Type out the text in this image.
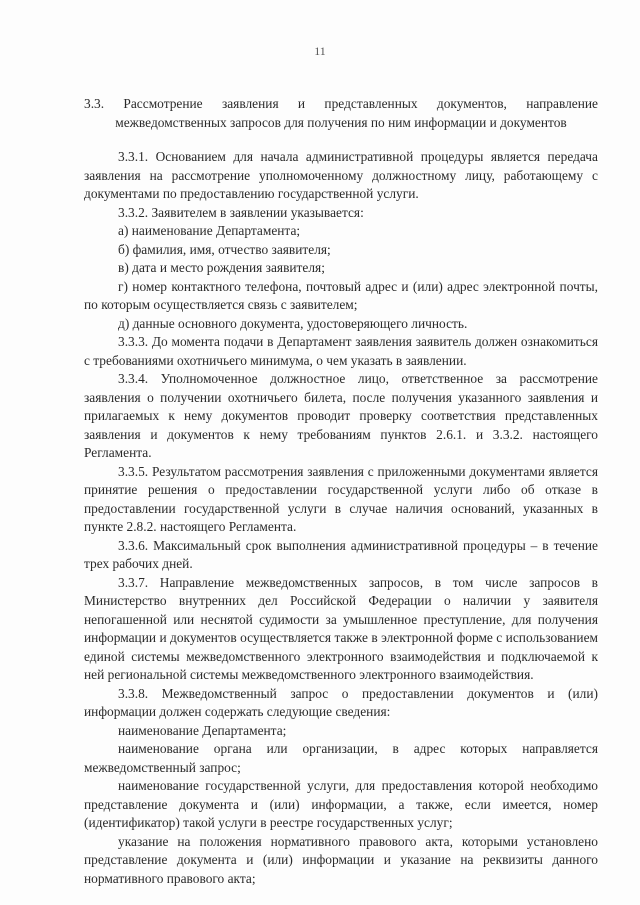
11
3.3. Рассмотрение заявления и представленных документов, направление межведомственных запросов для получения по ним информации и документов

3.3.1. Основанием для начала административной процедуры является передача заявления на рассмотрение уполномоченному должностному лицу, работающему с документами по предоставлению государственной услуги.

3.3.2. Заявителем в заявлении указывается:

а) наименование Департамента;

б) фамилия, имя, отчество заявителя;

в) дата и место рождения заявителя;

г) номер контактного телефона, почтовый адрес и (или) адрес электронной почты, по которым осуществляется связь с заявителем;

д) данные основного документа, удостоверяющего личность.

3.3.3. До момента подачи в Департамент заявления заявитель должен ознакомиться с требованиями охотничьего минимума, о чем указать в заявлении.

3.3.4. Уполномоченное должностное лицо, ответственное за рассмотрение заявления о получении охотничьего билета, после получения указанного заявления и прилагаемых к нему документов проводит проверку соответствия представленных заявления и документов к нему требованиям пунктов 2.6.1. и 3.3.2. настоящего Регламента.

3.3.5. Результатом рассмотрения заявления с приложенными документами является принятие решения о предоставлении государственной услуги либо об отказе в предоставлении государственной услуги в случае наличия оснований, указанных в пункте 2.8.2. настоящего Регламента.

3.3.6. Максимальный срок выполнения административной процедуры – в течение трех рабочих дней.

3.3.7. Направление межведомственных запросов, в том числе запросов в Министерство внутренних дел Российской Федерации о наличии у заявителя непогашенной или неснятой судимости за умышленное преступление, для получения информации и документов осуществляется также в электронной форме с использованием единой системы межведомственного электронного взаимодействия и подключаемой к ней региональной системы межведомственного электронного взаимодействия.

3.3.8. Межведомственный запрос о предоставлении документов и (или) информации должен содержать следующие сведения:

наименование Департамента;

наименование органа или организации, в адрес которых направляется межведомственный запрос;

наименование государственной услуги, для предоставления которой необходимо представление документа и (или) информации, а также, если имеется, номер (идентификатор) такой услуги в реестре государственных услуг;

указание на положения нормативного правового акта, которыми установлено представление документа и (или) информации и указание на реквизиты данного нормативного правового акта;
